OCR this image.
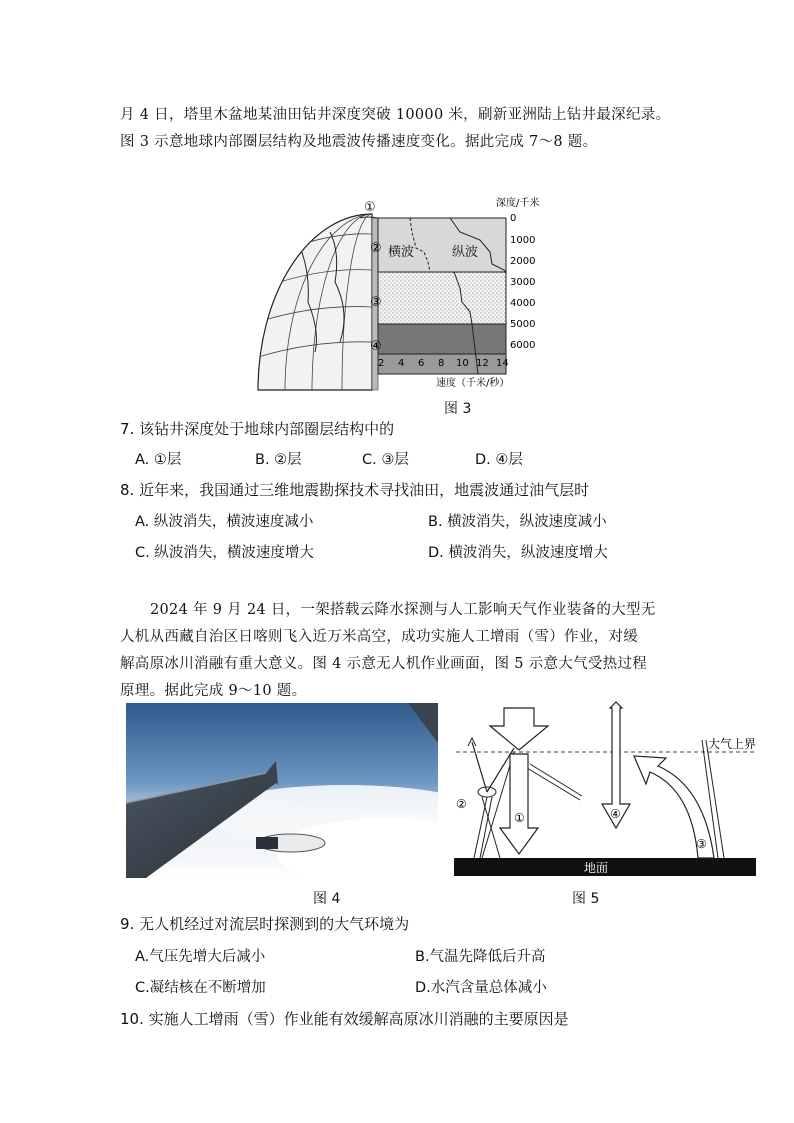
月 4 日，塔里木盆地某油田钻井深度突破 10000 米，刷新亚洲陆上钻井最深纪录。
图 3 示意地球内部圈层结构及地震波传播速度变化。据此完成 7～8 题。
横波	纵波
①
②
③
④
深度/千米
0
1000
2000
3000
4000
5000
6000
2 4 6 8 10 12 14
速度（千米/秒）
图 3
7. 该钻井深度处于地球内部圈层结构中的
A. ①层	B. ②层	C. ③层	D. ④层
8. 近年来，我国通过三维地震勘探技术寻找油田，地震波通过油气层时
A. 纵波消失，横波速度减小	B. 横波消失，纵波速度减小
C. 纵波消失，横波速度增大	D. 横波消失，纵波速度增大
2024 年 9 月 24 日，一架搭载云降水探测与人工影响天气作业装备的大型无
人机从西藏自治区日喀则飞入近万米高空，成功实施人工增雨（雪）作业，对缓
解高原冰川消融有重大意义。图 4 示意无人机作业画面，图 5 示意大气受热过程
原理。据此完成 9～10 题。
图 4
大气上界
地面
①
②
④
③
图 5
9. 无人机经过对流层时探测到的大气环境为
A.气压先增大后减小	B.气温先降低后升高
C.凝结核在不断增加	D.水汽含量总体减小
10. 实施人工增雨（雪）作业能有效缓解高原冰川消融的主要原因是
